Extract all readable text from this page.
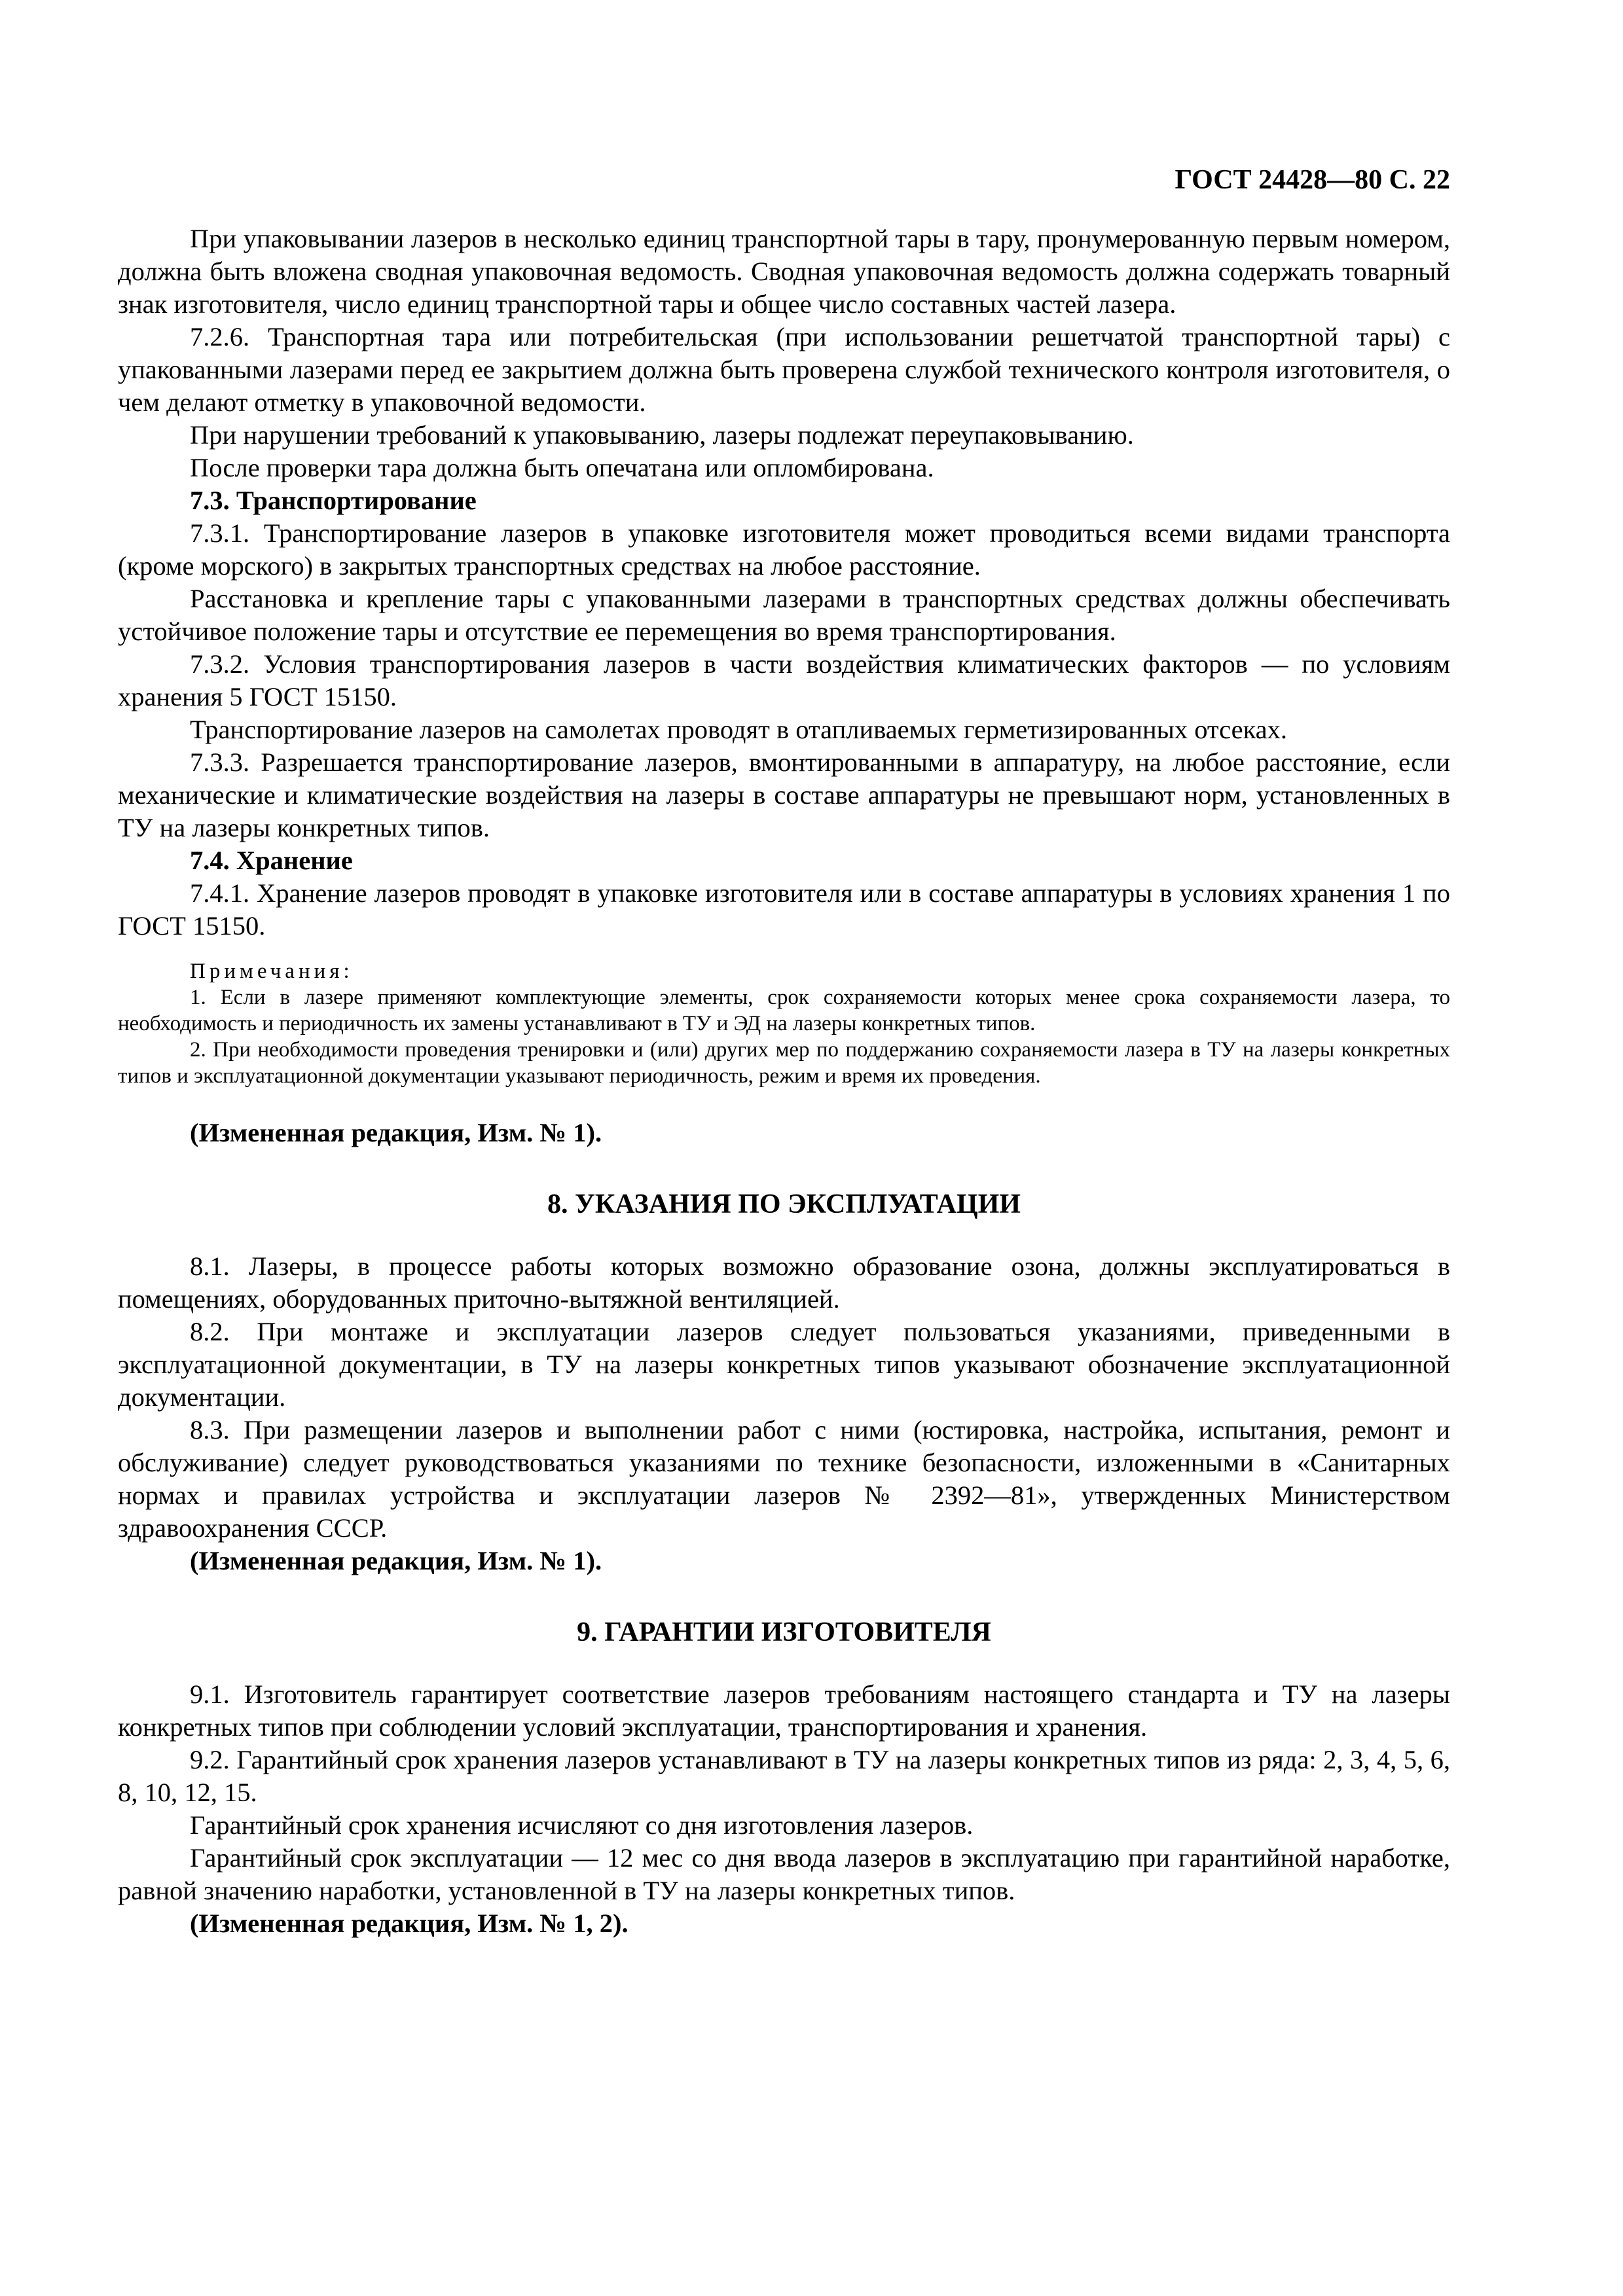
ГОСТ 24428—80 С. 22

При упаковывании лазеров в несколько единиц транспортной тары в тару, пронумерованную первым номером, должна быть вложена сводная упаковочная ведомость. Сводная упаковочная ведомость должна содержать товарный знак изготовителя, число единиц транспортной тары и общее число составных частей лазера.

7.2.6. Транспортная тара или потребительская (при использовании решетчатой транспортной тары) с упакованными лазерами перед ее закрытием должна быть проверена службой технического контроля изготовителя, о чем делают отметку в упаковочной ведомости.

При нарушении требований к упаковыванию, лазеры подлежат переупаковыванию.

После проверки тара должна быть опечатана или опломбирована.

7.3. Транспортирование

7.3.1. Транспортирование лазеров в упаковке изготовителя может проводиться всеми видами транспорта (кроме морского) в закрытых транспортных средствах на любое расстояние.

Расстановка и крепление тары с упакованными лазерами в транспортных средствах должны обеспечивать устойчивое положение тары и отсутствие ее перемещения во время транспортирования.

7.3.2. Условия транспортирования лазеров в части воздействия климатических факторов — по условиям хранения 5 ГОСТ 15150.

Транспортирование лазеров на самолетах проводят в отапливаемых герметизированных отсеках.

7.3.3. Разрешается транспортирование лазеров, вмонтированными в аппаратуру, на любое расстояние, если механические и климатические воздействия на лазеры в составе аппаратуры не превышают норм, установленных в ТУ на лазеры конкретных типов.

7.4. Хранение

7.4.1. Хранение лазеров проводят в упаковке изготовителя или в составе аппаратуры в условиях хранения 1 по ГОСТ 15150.

Примечания:

1. Если в лазере применяют комплектующие элементы, срок сохраняемости которых менее срока сохраняемости лазера, то необходимость и периодичность их замены устанавливают в ТУ и ЭД на лазеры конкретных типов.

2. При необходимости проведения тренировки и (или) других мер по поддержанию сохраняемости лазера в ТУ на лазеры конкретных типов и эксплуатационной документации указывают периодичность, режим и время их проведения.

(Измененная редакция, Изм. № 1).

8. УКАЗАНИЯ ПО ЭКСПЛУАТАЦИИ

8.1. Лазеры, в процессе работы которых возможно образование озона, должны эксплуатироваться в помещениях, оборудованных приточно-вытяжной вентиляцией.

8.2. При монтаже и эксплуатации лазеров следует пользоваться указаниями, приведенными в эксплуатационной документации, в ТУ на лазеры конкретных типов указывают обозначение эксплуатационной документации.

8.3. При размещении лазеров и выполнении работ с ними (юстировка, настройка, испытания, ремонт и обслуживание) следует руководствоваться указаниями по технике безопасности, изложенными в «Санитарных нормах и правилах устройства и эксплуатации лазеров № 2392—81», утвержденных Министерством здравоохранения СССР.

(Измененная редакция, Изм. № 1).

9. ГАРАНТИИ ИЗГОТОВИТЕЛЯ

9.1. Изготовитель гарантирует соответствие лазеров требованиям настоящего стандарта и ТУ на лазеры конкретных типов при соблюдении условий эксплуатации, транспортирования и хранения.

9.2. Гарантийный срок хранения лазеров устанавливают в ТУ на лазеры конкретных типов из ряда: 2, 3, 4, 5, 6, 8, 10, 12, 15.

Гарантийный срок хранения исчисляют со дня изготовления лазеров.

Гарантийный срок эксплуатации — 12 мес со дня ввода лазеров в эксплуатацию при гарантийной наработке, равной значению наработки, установленной в ТУ на лазеры конкретных типов.

(Измененная редакция, Изм. № 1, 2).
